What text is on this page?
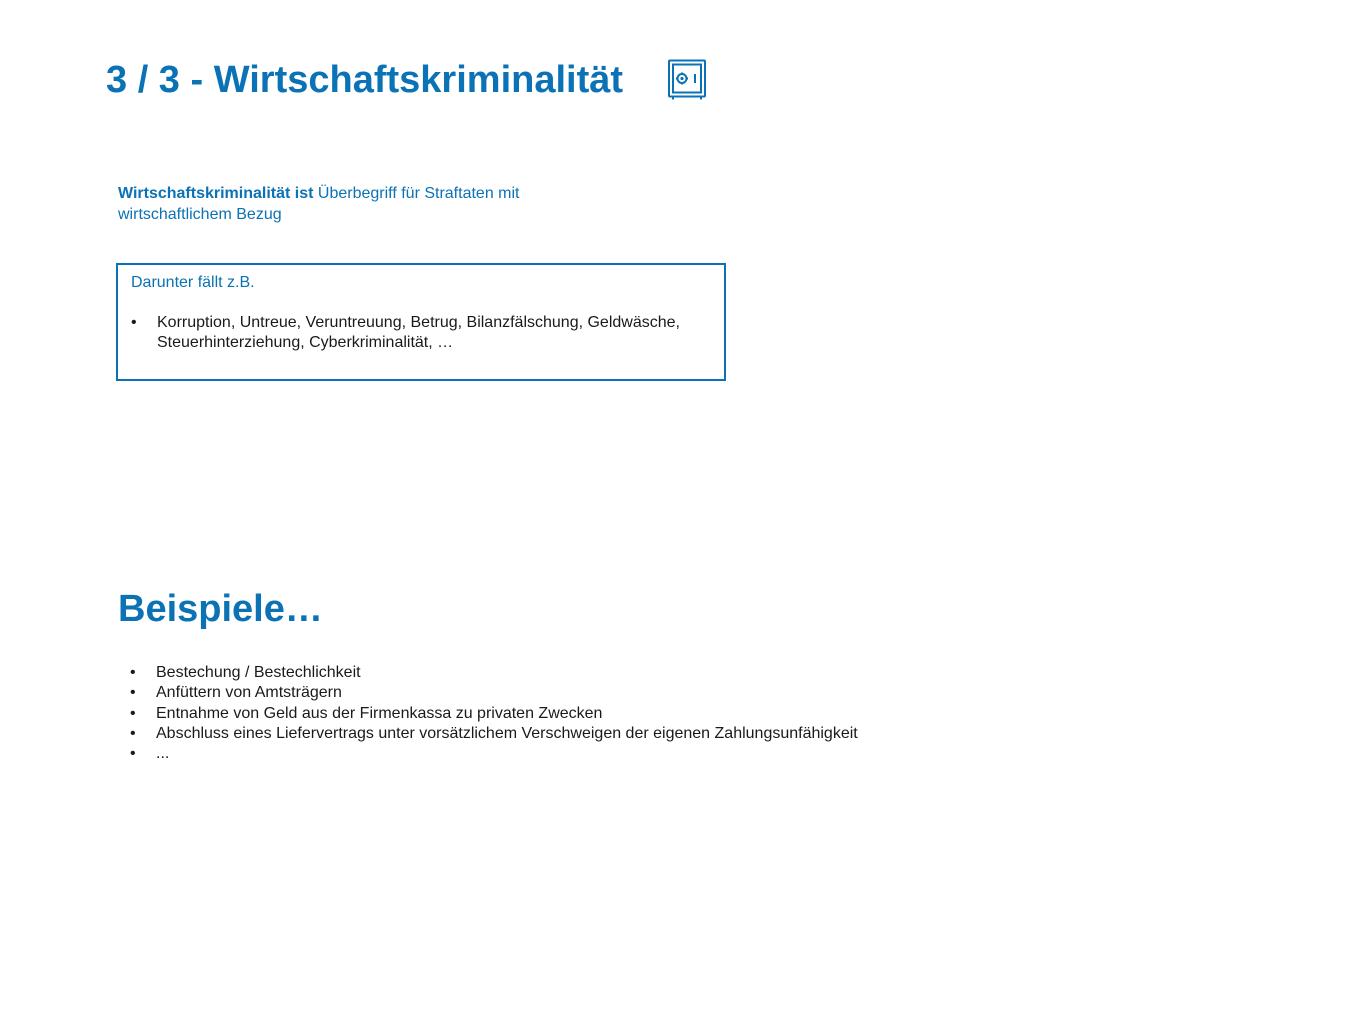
3 / 3 - Wirtschaftskriminalität
Wirtschaftskriminalität ist Überbegriff für Straftaten mit wirtschaftlichem Bezug
Darunter fällt z.B.
• Korruption, Untreue, Veruntreuung, Betrug, Bilanzfälschung, Geldwäsche, Steuerhinterziehung, Cyberkriminalität, …
Beispiele…
• Bestechung / Bestechlichkeit
• Anfüttern von Amtsträgern
• Entnahme von Geld aus der Firmenkassa zu privaten Zwecken
• Abschluss eines Liefervertrags unter vorsätzlichem Verschweigen der eigenen Zahlungsunfähigkeit
• ...
